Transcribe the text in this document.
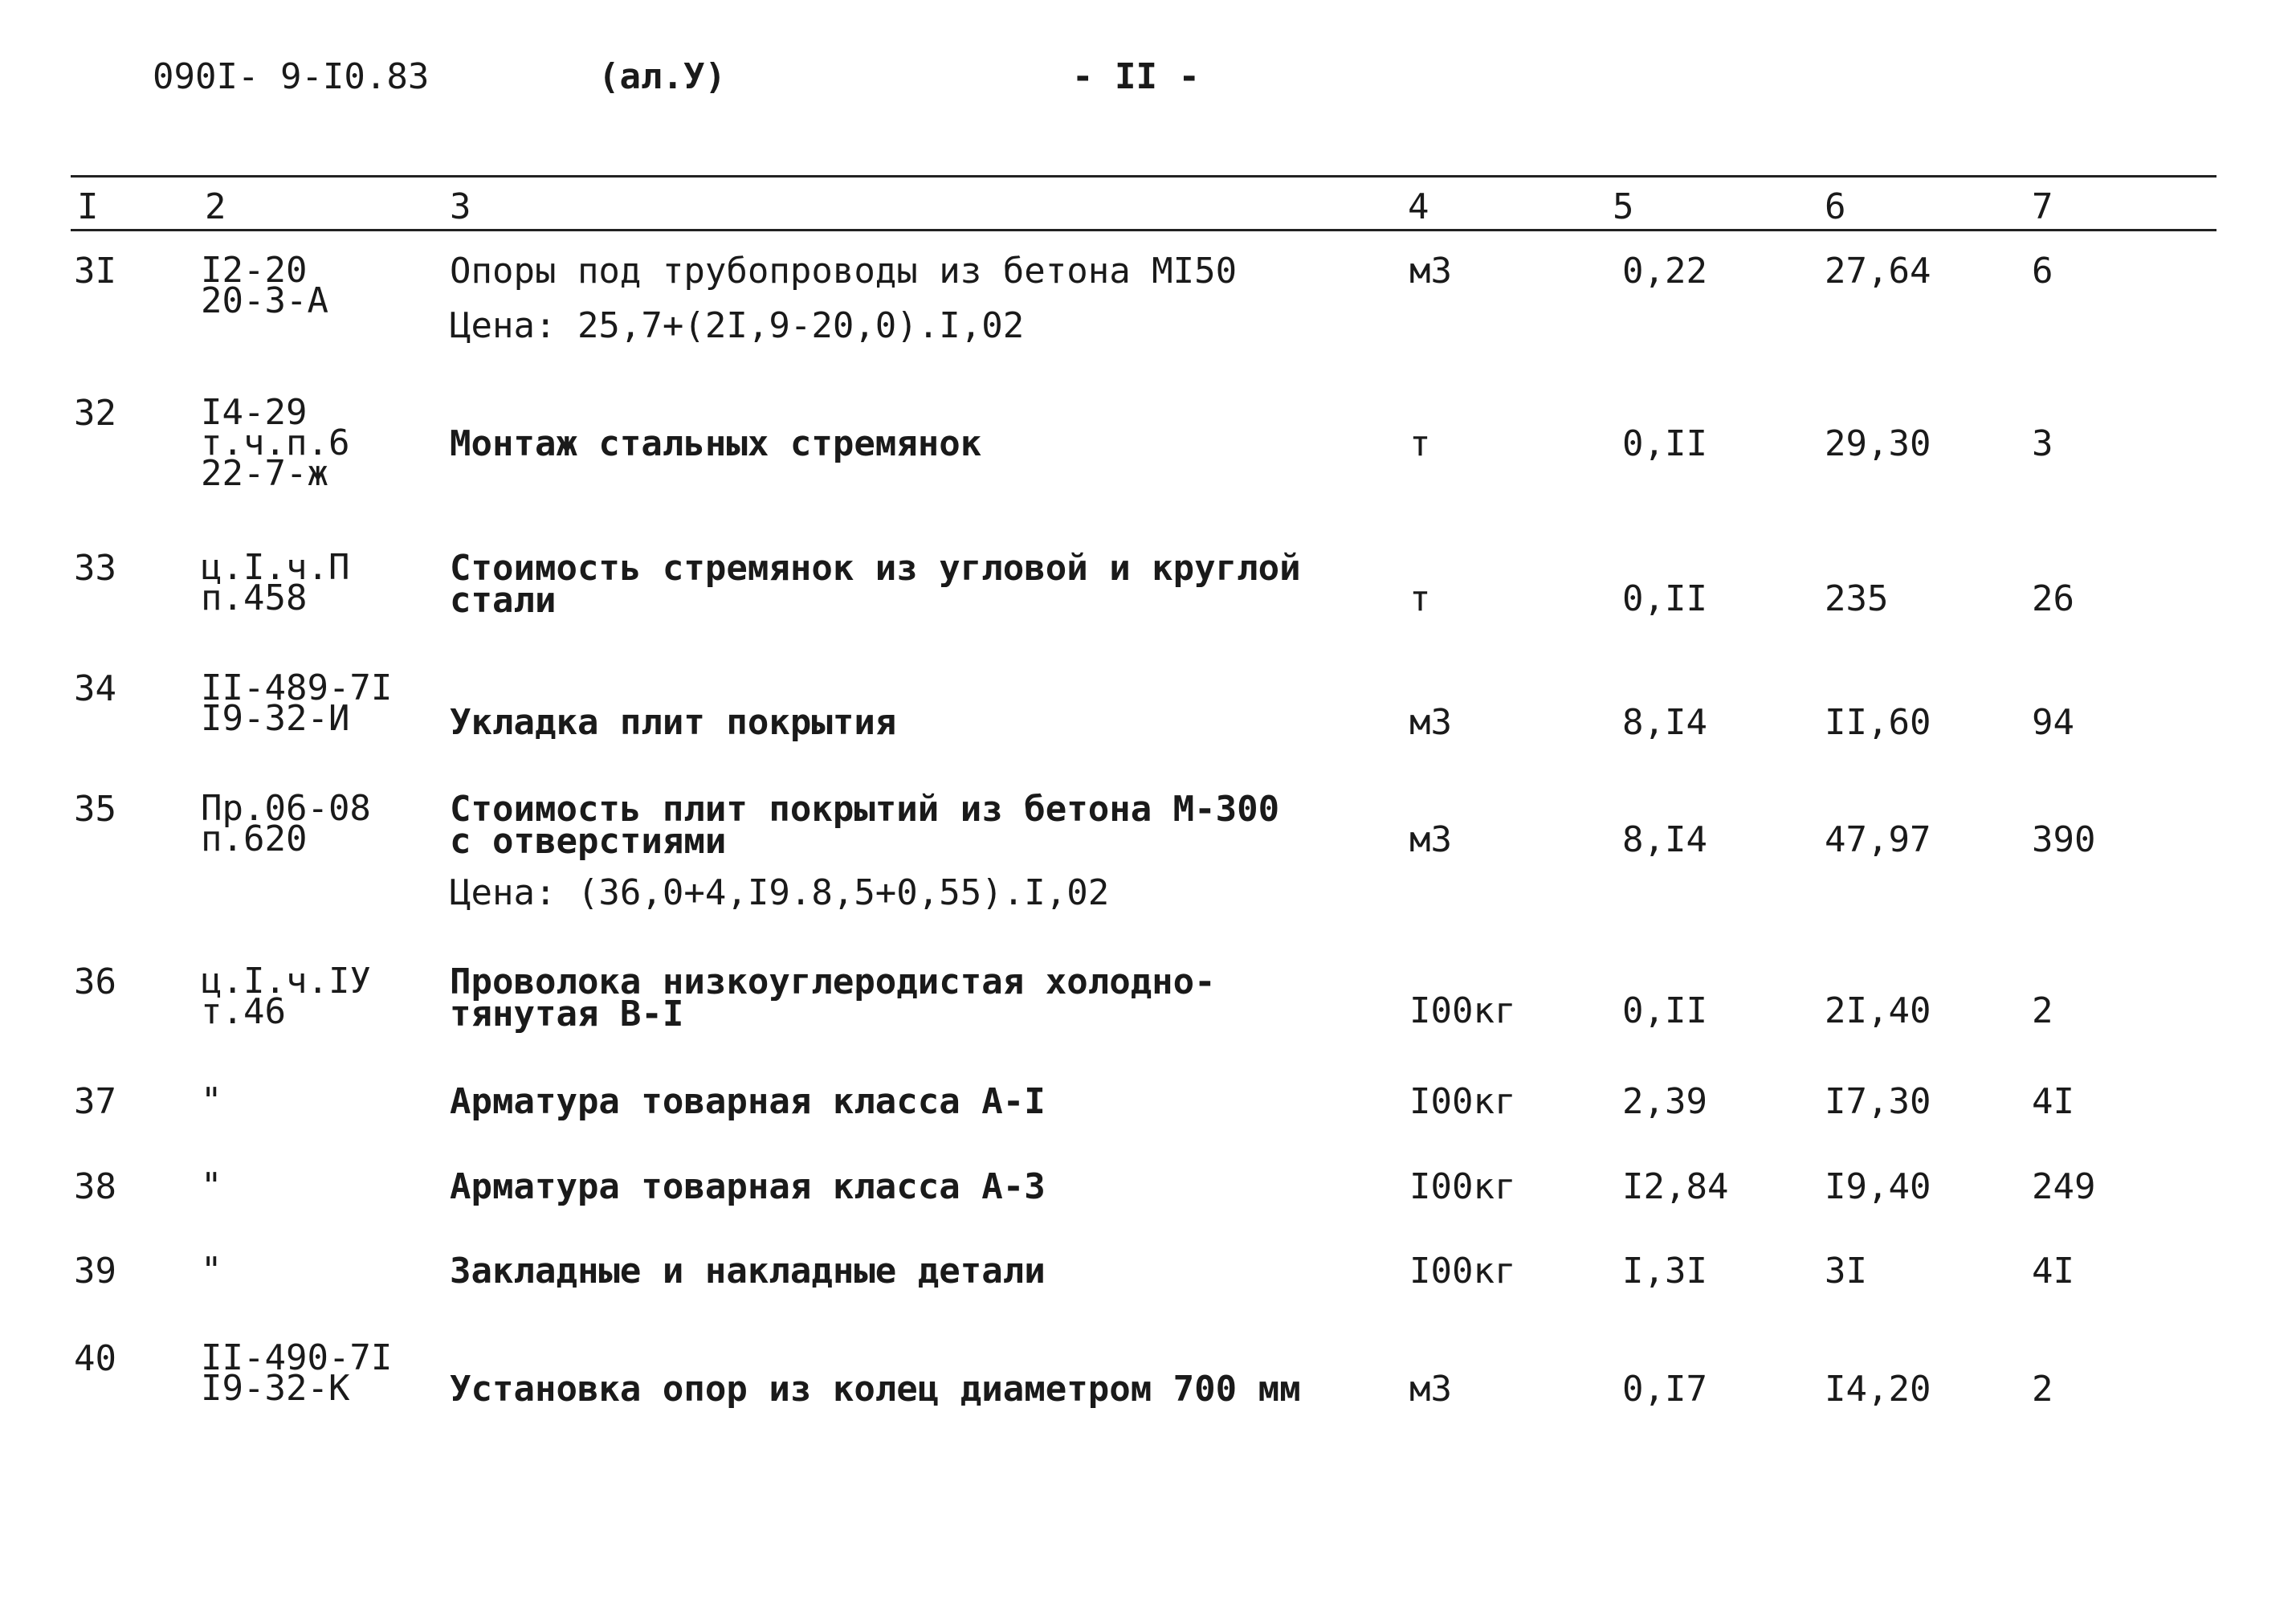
090I- 9-I0.83	(ал.У)	- II -
I	2	3	4	5	6	7
3I I2-20
20-3-А
Опоры под трубопроводы из бетона МI50
Цена: 25,7+(2I,9-20,0).I,02
м3	0,22	27,64	6
32 I4-29
т.ч.п.6
22-7-ж
Монтаж стальных стремянок	т	0,II	29,30	3
33 ц.I.ч.П
п.458
Стоимость стремянок из угловой и круглой
стали	т	0,II	235	26
34 II-489-7I
I9-32-И	Укладка плит покрытия	м3	8,I4	II,60	94
35 Пр.06-08
п.620
Стоимость плит покрытий из бетона М-300
с отверстиями
Цена: (36,0+4,I9.8,5+0,55).I,02
м3	8,I4	47,97	390
36 ц.I.ч.IУ
т.46
Проволока низкоуглеродистая холодно-
тянутая В-I	I00кг	0,II	2I,40	2
37 "	Арматура товарная класса А-I	I00кг	2,39	I7,30	4I
38 "	Арматура товарная класса А-3	I00кг	I2,84	I9,40	249
39 "	Закладные и накладные детали	I00кг	I,3I	3I	4I
40 II-490-7I
I9-32-К	Установка опор из колец диаметром 700 мм	м3	0,I7	I4,20	2
